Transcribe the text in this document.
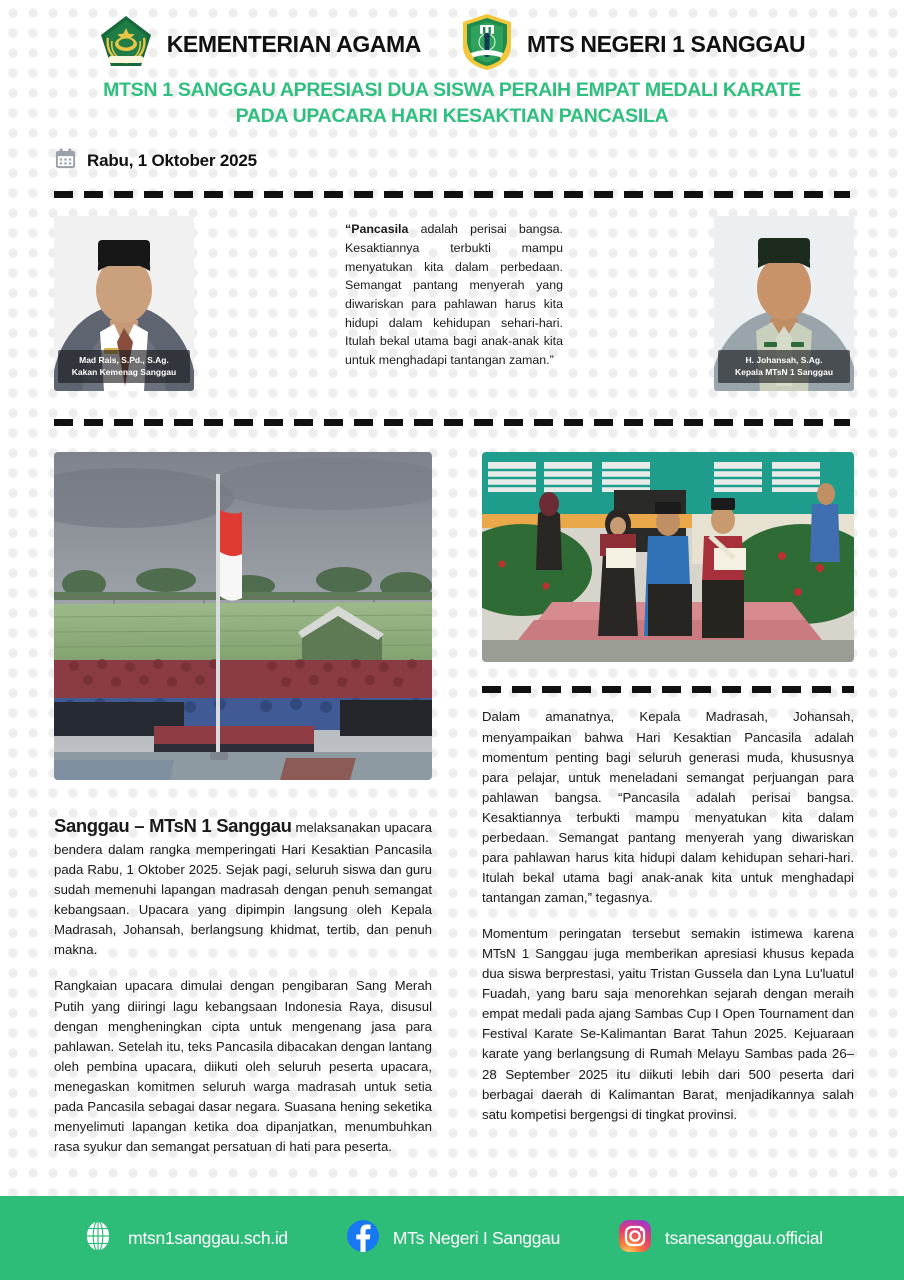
KEMENTERIAN AGAMA	MTS NEGERI 1 SANGGAU
MTSN 1 SANGGAU APRESIASI DUA SISWA PERAIH EMPAT MEDALI KARATE
PADA UPACARA HARI KESAKTIAN PANCASILA
Rabu, 1 Oktober 2025
Mad Rais, S.Pd., S.Ag.
Kakan Kemenag Sanggau
“Pancasila adalah perisai bangsa. Kesaktiannya terbukti mampu menyatukan kita dalam perbedaan. Semangat pantang menyerah yang diwariskan para pahlawan harus kita hidupi dalam kehidupan sehari-hari. Itulah bekal utama bagi anak-anak kita untuk menghadapi tantangan zaman.”	H. Johansah, S.Ag.
Kepala MTsN 1 Sanggau
Dalam amanatnya, Kepala Madrasah, Johansah, menyampaikan bahwa Hari Kesaktian Pancasila adalah momentum penting bagi seluruh generasi muda, khususnya para pelajar, untuk meneladani semangat perjuangan para pahlawan bangsa. “Pancasila adalah perisai bangsa. Kesaktiannya terbukti mampu menyatukan kita dalam perbedaan. Semangat pantang menyerah yang diwariskan para pahlawan harus kita hidupi dalam kehidupan sehari-hari. Itulah bekal utama bagi anak-anak kita untuk menghadapi tantangan zaman,” tegasnya.
Momentum peringatan tersebut semakin istimewa karena MTsN 1 Sanggau juga memberikan apresiasi khusus kepada dua siswa berprestasi, yaitu Tristan Gussela dan Lyna Lu'luatul Fuadah, yang baru saja menorehkan sejarah dengan meraih empat medali pada ajang Sambas Cup I Open Tournament dan Festival Karate Se-Kalimantan Barat Tahun 2025. Kejuaraan karate yang berlangsung di Rumah Melayu Sambas pada 26–28 September 2025 itu diikuti lebih dari 500 peserta dari berbagai daerah di Kalimantan Barat, menjadikannya salah satu kompetisi bergengsi di tingkat provinsi.
Sanggau – MTsN 1 Sanggau melaksanakan upacara bendera dalam rangka memperingati Hari Kesaktian Pancasila pada Rabu, 1 Oktober 2025. Sejak pagi, seluruh siswa dan guru sudah memenuhi lapangan madrasah dengan penuh semangat kebangsaan. Upacara yang dipimpin langsung oleh Kepala Madrasah, Johansah, berlangsung khidmat, tertib, dan penuh makna.
Rangkaian upacara dimulai dengan pengibaran Sang Merah Putih yang diiringi lagu kebangsaan Indonesia Raya, disusul dengan mengheningkan cipta untuk mengenang jasa para pahlawan. Setelah itu, teks Pancasila dibacakan dengan lantang oleh pembina upacara, diikuti oleh seluruh peserta upacara, menegaskan komitmen seluruh warga madrasah untuk setia pada Pancasila sebagai dasar negara. Suasana hening seketika menyelimuti lapangan ketika doa dipanjatkan, menumbuhkan rasa syukur dan semangat persatuan di hati para peserta.
mtsn1sanggau.sch.id	MTs Negeri I Sanggau	tsanesanggau.official
